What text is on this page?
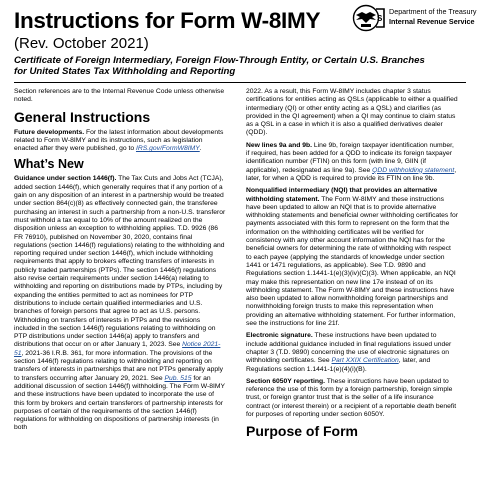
Instructions for Form W-8IMY
(Rev. October 2021)
Certificate of Foreign Intermediary, Foreign Flow-Through Entity, or Certain U.S. Branches for United States Tax Withholding and Reporting
S
Department of the Treasury
Internal Revenue Service

Section references are to the Internal Revenue Code unless otherwise noted.

General Instructions

Future developments. For the latest information about developments related to Form W-8IMY and its instructions, such as legislation enacted after they were published, go to IRS.gov/FormW8IMY.

What’s New

Guidance under section 1446(f). The Tax Cuts and Jobs Act (TCJA), added section 1446(f), which generally requires that if any portion of a gain on any disposition of an interest in a partnership would be treated under section 864(c)(8) as effectively connected gain, the transferee purchasing an interest in such a partnership from a non-U.S. transferor must withhold a tax equal to 10% of the amount realized on the disposition unless an exception to withholding applies. T.D. 9926 (86 FR 76910), published on November 30, 2020, contains final regulations (section 1446(f) regulations) relating to the withholding and reporting required under section 1446(f), which include withholding requirements that apply to brokers effecting transfers of interests in publicly traded partnerships (PTPs). The section 1446(f) regulations also revise certain requirements under section 1446(a) relating to withholding and reporting on distributions made by PTPs, including by expanding the entities permitted to act as nominees for PTP distributions to include certain qualified intermediaries and U.S. branches of foreign persons that agree to act as U.S. persons. Withholding on transfers of interests in PTPs and the revisions included in the section 1446(f) regulations relating to withholding on PTP distributions under section 1446(a) apply to transfers and distributions that occur on or after January 1, 2023. See Notice 2021-51, 2021-36 I.R.B. 361, for more information. The provisions of the section 1446(f) regulations relating to withholding and reporting on transfers of interests in partnerships that are not PTPs generally apply to transfers occurring after January 29, 2021. See Pub. 515 for an additional discussion of section 1446(f) withholding. The Form W-8IMY and these instructions have been updated to incorporate the use of this form by brokers and certain transferors of partnership interests for purposes of certain of the requirements of the section 1446(f) regulations for withholding on dispositions of partnership interests (in both

2022. As a result, this Form W-8IMY includes chapter 3 status certifications for entities acting as QSLs (applicable to either a qualified intermediary (QI) or other entity acting as a QSL) and clarifies (as provided in the QI agreement) when a QI may continue to claim status as a QSL in a case in which it is also a qualified derivatives dealer (QDD).

New lines 9a and 9b. Line 9b, foreign taxpayer identification number, if required, has been added for a QDD to indicate its foreign taxpayer identification number (FTIN) on this form (with line 9, GIIN (if applicable), redesignated as line 9a). See QDD withholding statement, later, for when a QDD is required to provide its FTIN on line 9b.

Nonqualified intermediary (NQI) that provides an alternative withholding statement. The Form W-8IMY and these instructions have been updated to allow an NQI that is to provide alternative withholding statements and beneficial owner withholding certificates for payments associated with this form to represent on the form that the information on the withholding certificates will be verified for consistency with any other account information the NQI has for the beneficial owners for determining the rate of withholding with respect to each payee (applying the standards of knowledge under section 1441 or 1471 regulations, as applicable). See T.D. 9890 and Regulations section 1.1441-1(e)(3)(iv)(C)(3). When applicable, an NQI may make this representation on new line 17e instead of on its withholding statement. The Form W-8IMY and these instructions have also been updated to allow nonwithholding foreign partnerships and nonwithholding foreign trusts to make this representation when providing an alternative withholding statement. For further information, see the instructions for line 21f.

Electronic signature. These instructions have been updated to include additional guidance included in final regulations issued under chapter 3 (T.D. 9890) concerning the use of electronic signatures on withholding certificates. See Part XXIX Certification, later, and Regulations section 1.1441-1(e)(4)(i)(B).

Section 6050Y reporting. These instructions have been updated to reference the use of this form by a foreign partnership, foreign simple trust, or foreign grantor trust that is the seller of a life insurance contract (or interest therein) or a recipient of a reportable death benefit for purposes of reporting under section 6050Y.

Purpose of Form
